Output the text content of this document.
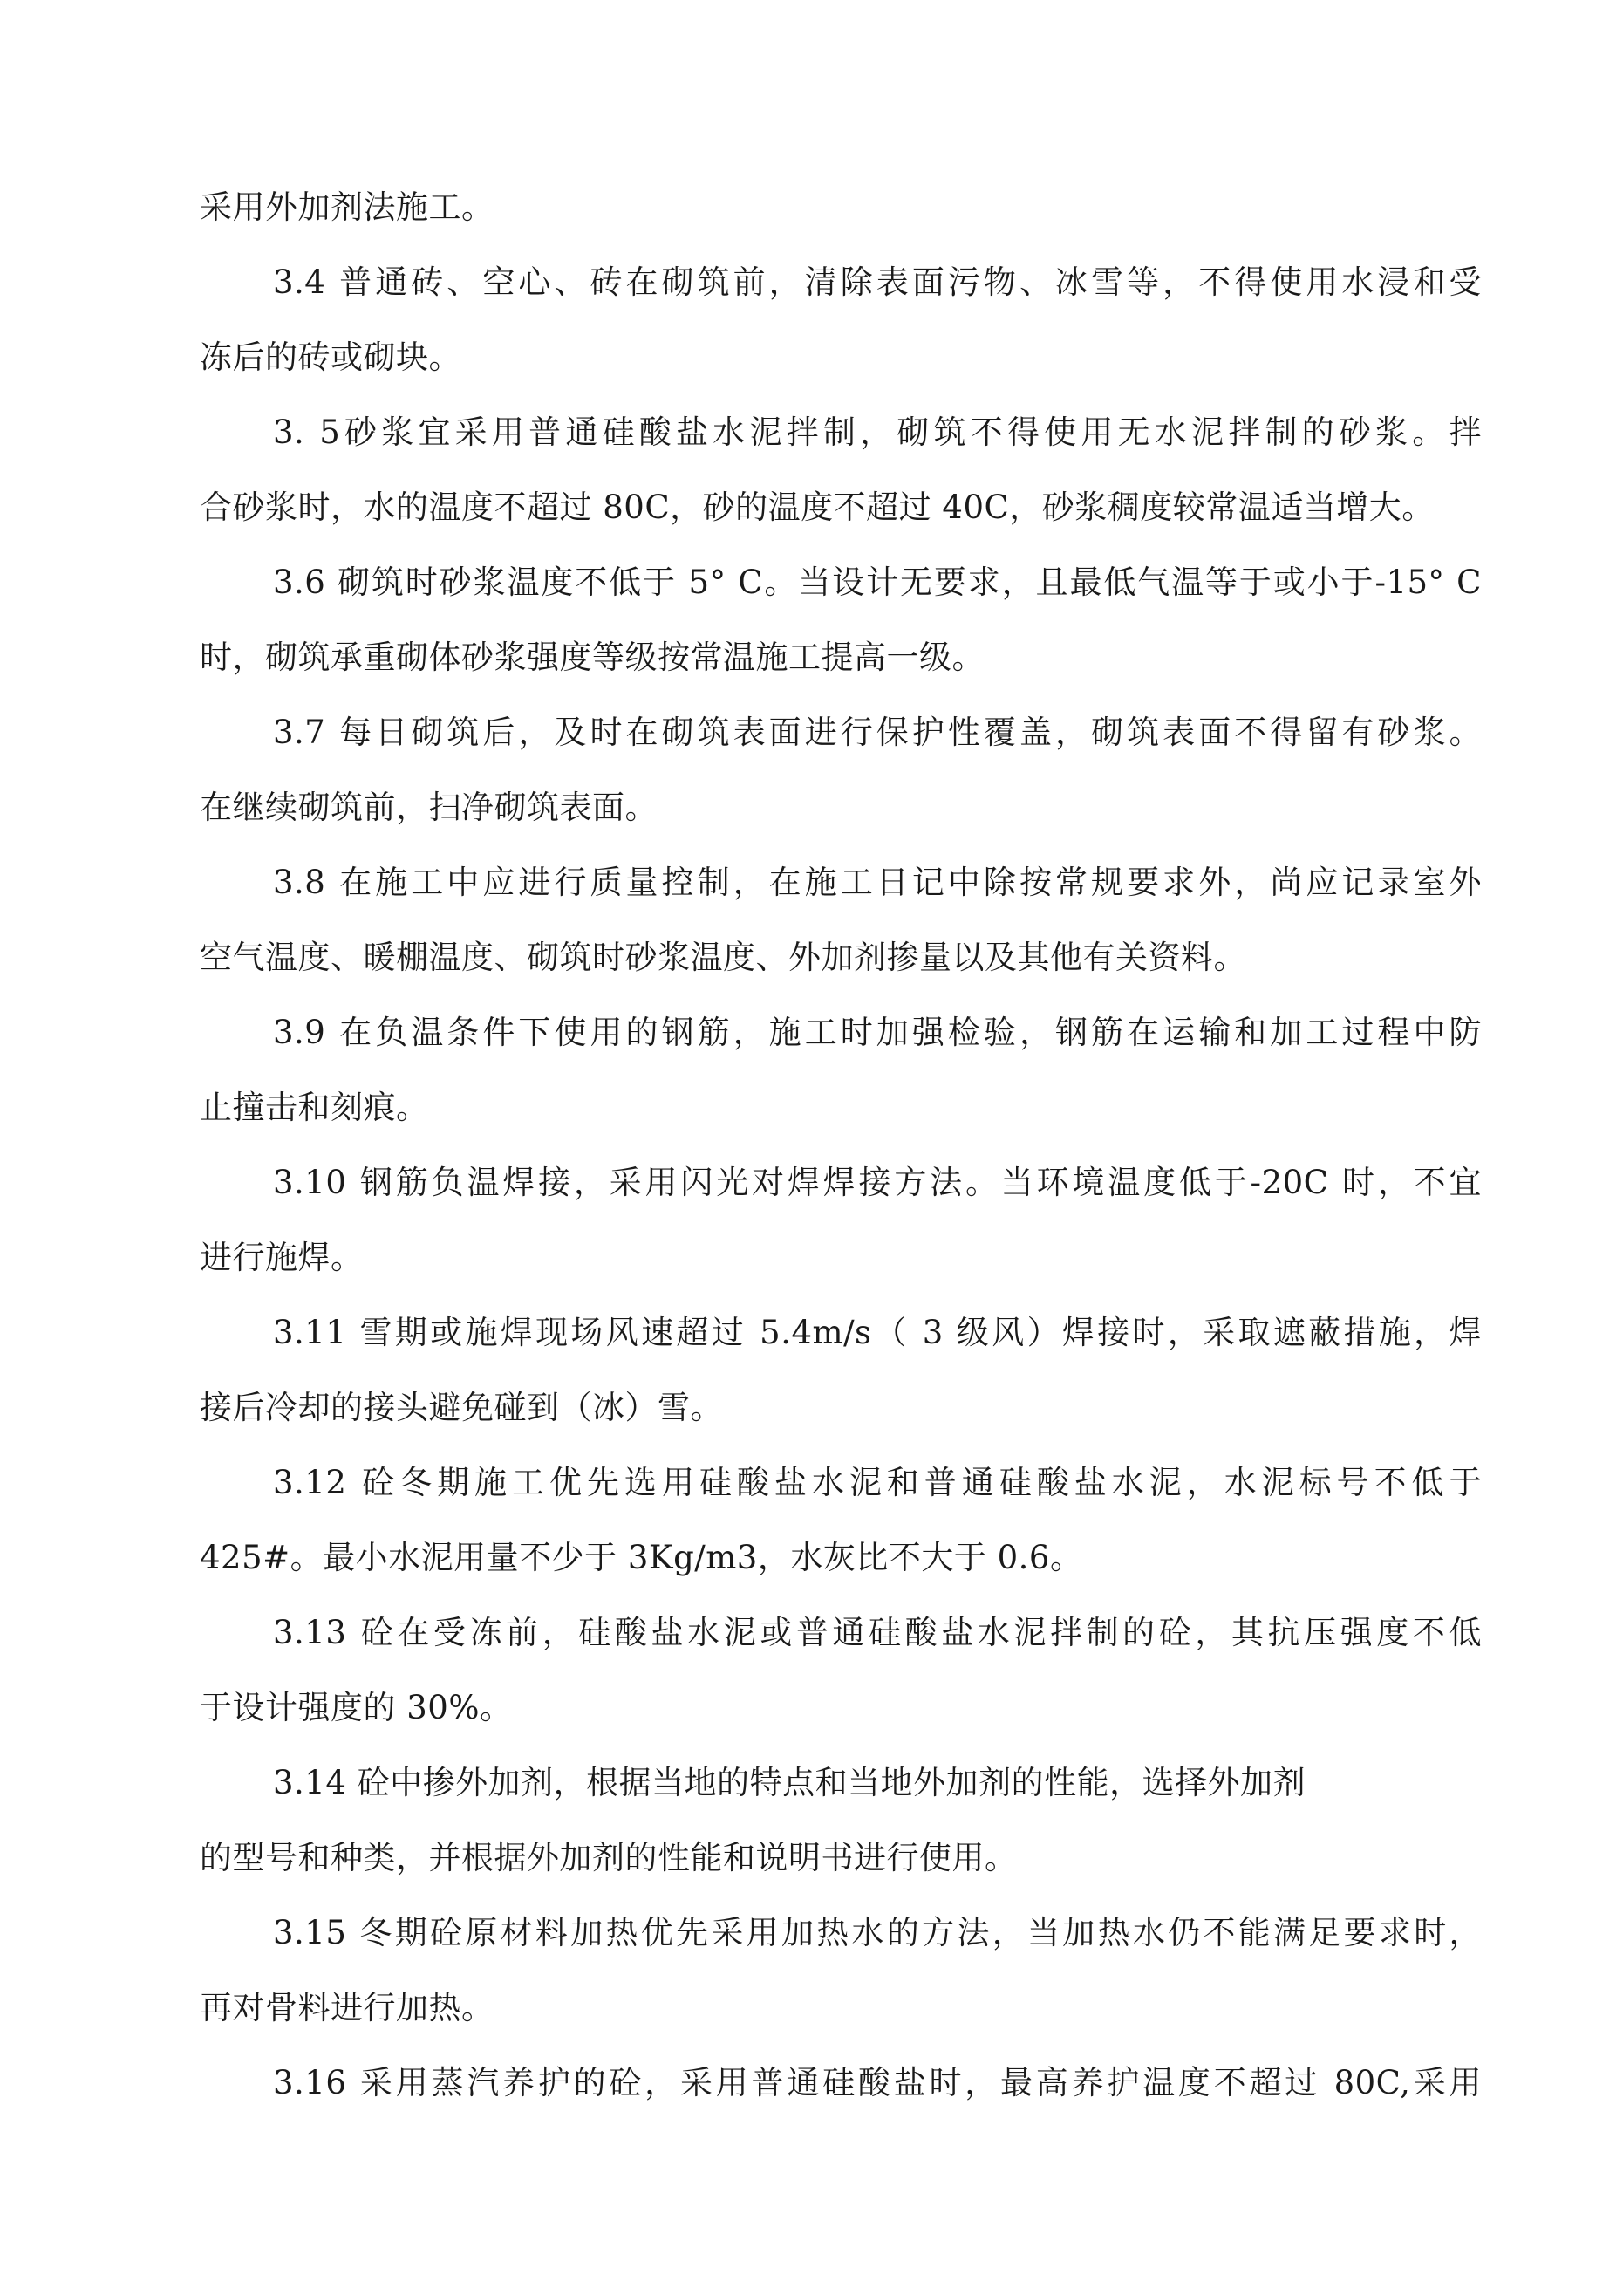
采用外加剂法施工。
3.4 普通砖、空心、砖在砌筑前，清除表面污物、冰雪等，不得使用水浸和受
冻后的砖或砌块。
3. 5砂浆宜采用普通硅酸盐水泥拌制，砌筑不得使用无水泥拌制的砂浆。拌
合砂浆时，水的温度不超过 80C，砂的温度不超过 40C，砂浆稠度较常温适当增大。
3.6 砌筑时砂浆温度不低于 5° C。当设计无要求，且最低气温等于或小于-15° C
时，砌筑承重砌体砂浆强度等级按常温施工提高一级。
3.7 每日砌筑后，及时在砌筑表面进行保护性覆盖，砌筑表面不得留有砂浆。
在继续砌筑前，扫净砌筑表面。
3.8 在施工中应进行质量控制，在施工日记中除按常规要求外，尚应记录室外
空气温度、暖棚温度、砌筑时砂浆温度、外加剂掺量以及其他有关资料。
3.9 在负温条件下使用的钢筋，施工时加强检验，钢筋在运输和加工过程中防
止撞击和刻痕。
3.10 钢筋负温焊接，采用闪光对焊焊接方法。当环境温度低于-20C 时，不宜
进行施焊。
3.11 雪期或施焊现场风速超过 5.4m/s（ 3 级风）焊接时，采取遮蔽措施，焊
接后冷却的接头避免碰到（冰）雪。
3.12 砼冬期施工优先选用硅酸盐水泥和普通硅酸盐水泥，水泥标号不低于
425#。最小水泥用量不少于 3Kg/m3，水灰比不大于 0.6。
3.13 砼在受冻前，硅酸盐水泥或普通硅酸盐水泥拌制的砼，其抗压强度不低
于设计强度的 30%。
3.14 砼中掺外加剂，根据当地的特点和当地外加剂的性能，选择外加剂
的型号和种类，并根据外加剂的性能和说明书进行使用。
3.15 冬期砼原材料加热优先采用加热水的方法，当加热水仍不能满足要求时，
再对骨料进行加热。
3.16 采用蒸汽养护的砼，采用普通硅酸盐时，最高养护温度不超过 80C,采用
